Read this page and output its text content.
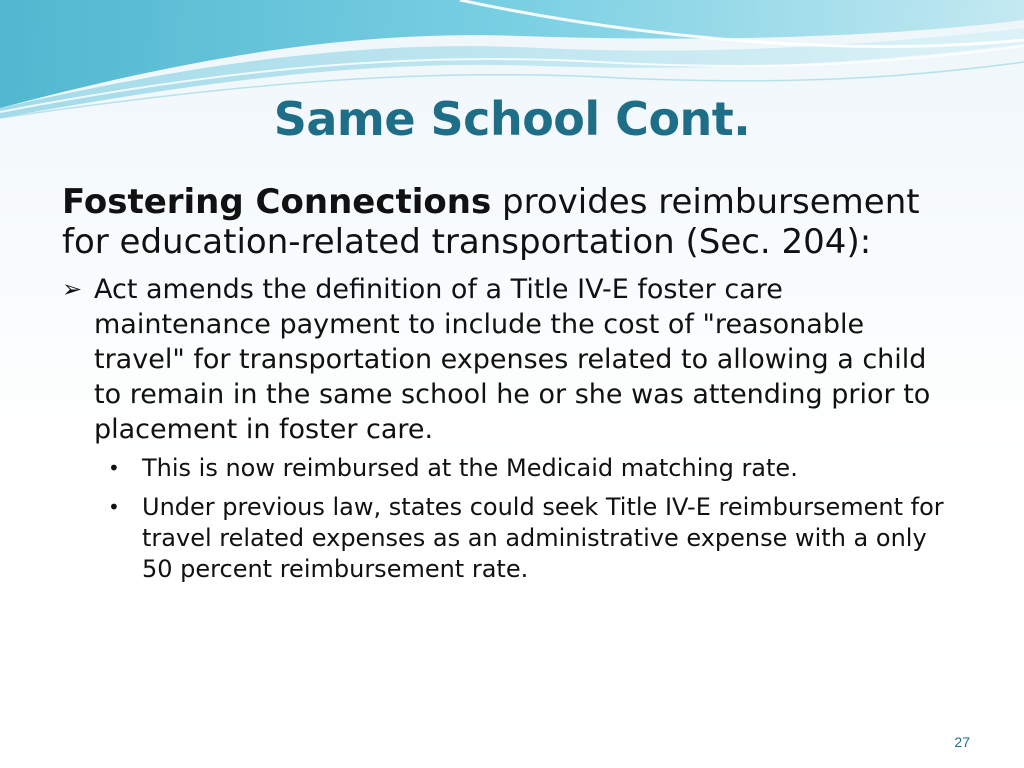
Same School Cont.

Fostering Connections provides reimbursement for education-related transportation (Sec. 204):

➢ Act amends the definition of a Title IV-E foster care maintenance payment to include the cost of "reasonable travel" for transportation expenses related to allowing a child to remain in the same school he or she was attending prior to placement in foster care.
• This is now reimbursed at the Medicaid matching rate.
• Under previous law, states could seek Title IV-E reimbursement for travel related expenses as an administrative expense with a only 50 percent reimbursement rate.
27
